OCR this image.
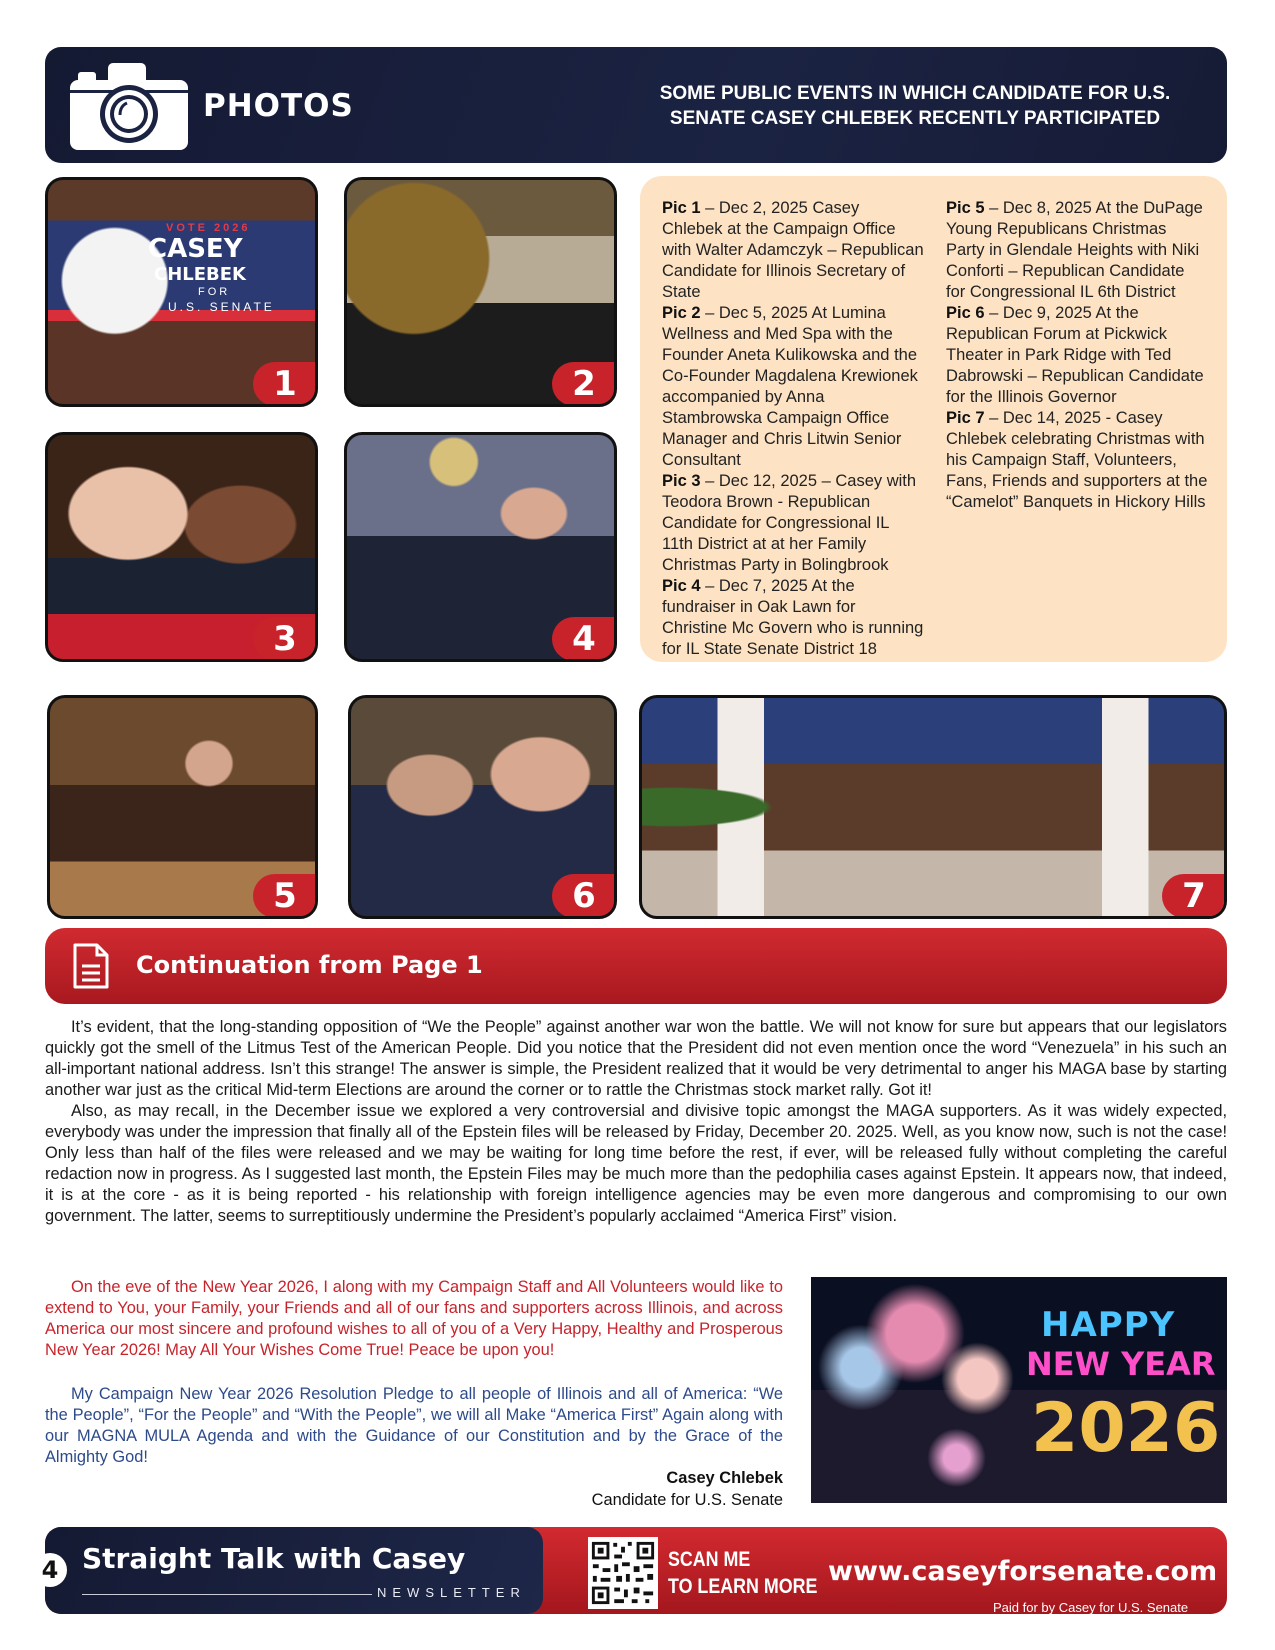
PHOTOS	SOME PUBLIC EVENTS IN WHICH CANDIDATE FOR U.S. SENATE CASEY CHLEBEK RECENTLY PARTICIPATED
VOTE 2026
CASEY
CHLEBEK
FOR
U.S. SENATE
1	2
3	4
5	6	7

Pic 1 – Dec 2, 2025 Casey Chlebek at the Campaign Office with Walter Adamczyk – Republican Candidate for Illinois Secretary of State

Pic 2 – Dec 5, 2025 At Lumina Wellness and Med Spa with the Founder Aneta Kulikowska and the Co-Founder Magdalena Krewionek accompanied by Anna Stambrowska Campaign Office Manager and Chris Litwin Senior Consultant

Pic 3 – Dec 12, 2025 – Casey with Teodora Brown - Republican Candidate for Congressional IL 11th District at at her Family Christmas Party in Bolingbrook

Pic 4 – Dec 7, 2025 At the fundraiser in Oak Lawn for Christine Mc Govern who is running for IL State Senate District 18

Pic 5 – Dec 8, 2025 At the DuPage Young Republicans Christmas Party in Glendale Heights with Niki Conforti – Republican Candidate for Congressional IL 6th District

Pic 6 – Dec 9, 2025 At the Republican Forum at Pickwick Theater in Park Ridge with Ted Dabrowski – Republican Candidate for the Illinois Governor

Pic 7 – Dec 14, 2025 - Casey Chlebek celebrating Christmas with his Campaign Staff, Volunteers, Fans, Friends and supporters at the “Camelot” Banquets in Hickory Hills

Continuation from Page 1

It’s evident, that the long-standing opposition of “We the People” against another war won the battle. We will not know for sure but appears that our legislators quickly got the smell of the Litmus Test of the American People. Did you notice that the President did not even mention once the word “Venezuela” in his such an all-important national address. Isn’t this strange! The answer is simple, the President realized that it would be very detrimental to anger his MAGA base by starting another war just as the critical Mid-term Elections are around the corner or to rattle the Christmas stock market rally. Got it!

Also, as may recall, in the December issue we explored a very controversial and divisive topic amongst the MAGA supporters. As it was widely expected, everybody was under the impression that finally all of the Epstein files will be released by Friday, December 20. 2025. Well, as you know now, such is not the case! Only less than half of the files were released and we may be waiting for long time before the rest, if ever, will be released fully without completing the careful redaction now in progress. As I suggested last month, the Epstein Files may be much more than the pedophilia cases against Epstein. It appears now, that indeed, it is at the core - as it is being reported - his relationship with foreign intelligence agencies may be even more dangerous and compromising to our own government. The latter, seems to surreptitiously undermine the President’s popularly acclaimed “America First” vision.

On the eve of the New Year 2026, I along with my Campaign Staff and All Volunteers would like to extend to You, your Family, your Friends and all of our fans and supporters across Illinois, and across America our most sincere and profound wishes to all of you of a Very Happy, Healthy and Prosperous New Year 2026! May All Your Wishes Come True! Peace be upon you!

My Campaign New Year 2026 Resolution Pledge to all people of Illinois and all of America: “We the People”, “For the People” and “With the People”, we will all Make “America First” Again along with our MAGNA MULA Agenda and with the Guidance of our Constitution and by the Grace of the Almighty God!

Casey Chlebek
Candidate for U.S. Senate
HAPPY
NEW YEAR
2026
4 Straight Talk with Casey
NEWSLETTER
SCAN ME
TO LEARN MORE www.caseyforsenate.com
Paid for by Casey for U.S. Senate
